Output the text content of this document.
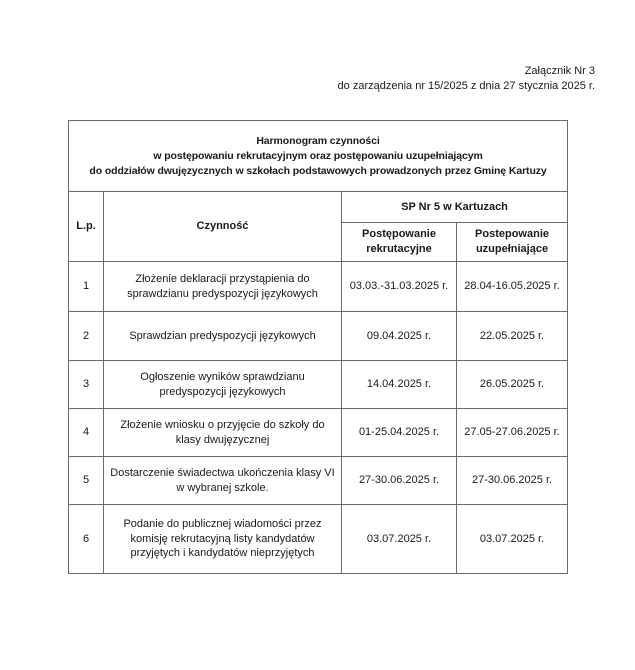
Załącznik Nr 3
do zarządzenia nr 15/2025 z dnia 27 stycznia 2025 r.
Harmonogram czynności
w postępowaniu rekrutacyjnym oraz postępowaniu uzupełniającym
do oddziałów dwujęzycznych w szkołach podstawowych prowadzonych przez Gminę Kartuzy			

L.p.	Czynność	SP Nr 5 w Kartuzach	
		Postępowanie rekrutacyjne	Postepowanie uzupełniające
1	Złożenie deklaracji przystąpienia do sprawdzianu predyspozycji językowych	03.03.-31.03.2025 r.	28.04-16.05.2025 r.
2	Sprawdzian predyspozycji językowych	09.04.2025 r.	22.05.2025 r.
3	Ogłoszenie wyników sprawdzianu predyspozycji językowych	14.04.2025 r.	26.05.2025 r.
4	Złożenie wniosku o przyjęcie do szkoły do klasy dwujęzycznej	01-25.04.2025 r.	27.05-27.06.2025 r.
5	Dostarczenie świadectwa ukończenia klasy VI w wybranej szkole.	27-30.06.2025 r.	27-30.06.2025 r.
6	Podanie do publicznej wiadomości przez komisję rekrutacyjną listy kandydatów przyjętych i kandydatów nieprzyjętych	03.07.2025 r.	03.07.2025 r.
